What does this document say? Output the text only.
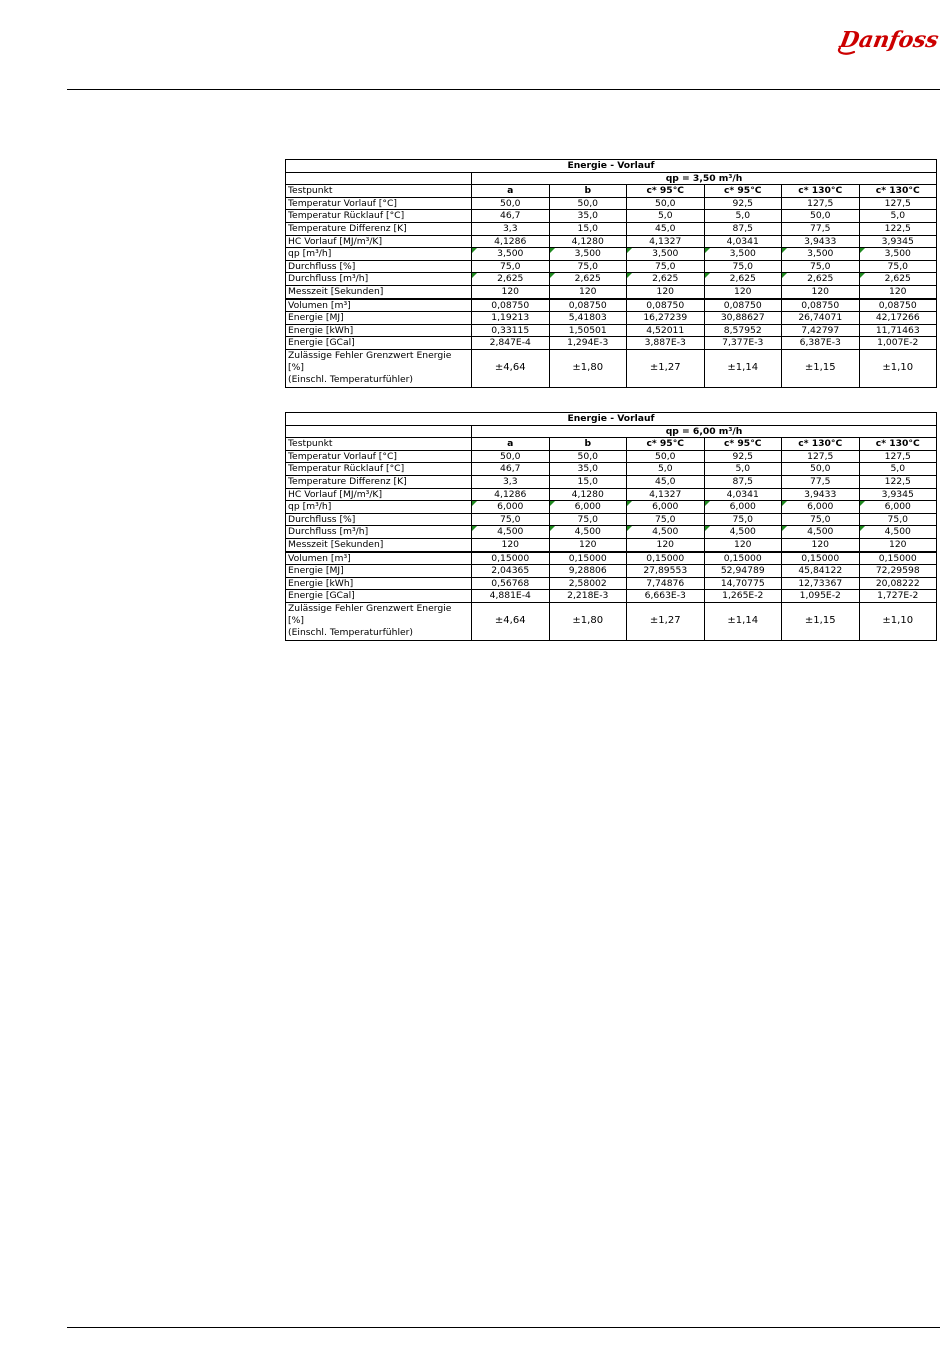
Danfoss
Energie - Vorlauf						
	qp = 3,50 m³/h					
Testpunkt	a	b	c* 95°C	c* 95°C	c* 130°C	c* 130°C
Temperatur Vorlauf [°C]	50,0	50,0	50,0	92,5	127,5	127,5
Temperatur Rücklauf [°C]	46,7	35,0	5,0	5,0	50,0	5,0
Temperature Differenz [K]	3,3	15,0	45,0	87,5	77,5	122,5
HC Vorlauf [MJ/m³/K]	4,1286	4,1280	4,1327	4,0341	3,9433	3,9345
qp [m³/h]	3,500	3,500	3,500	3,500	3,500	3,500
Durchfluss [%]	75,0	75,0	75,0	75,0	75,0	75,0
Durchfluss [m³/h]	2,625	2,625	2,625	2,625	2,625	2,625
Messzeit [Sekunden]	120	120	120	120	120	120
Volumen [m³]	0,08750	0,08750	0,08750	0,08750	0,08750	0,08750
Energie [MJ]	1,19213	5,41803	16,27239	30,88627	26,74071	42,17266
Energie [kWh]	0,33115	1,50501	4,52011	8,57952	7,42797	11,71463
Energie [GCal]	2,847E-4	1,294E-3	3,887E-3	7,377E-3	6,387E-3	1,007E-2

Zulässige Fehler Grenzwert Energie
[%]
(Einschl. Temperaturfühler)	±4,64	±1,80	±1,27	±1,14	±1,15	±1,10
Energie - Vorlauf						
	qp = 6,00 m³/h					
Testpunkt	a	b	c* 95°C	c* 95°C	c* 130°C	c* 130°C
Temperatur Vorlauf [°C]	50,0	50,0	50,0	92,5	127,5	127,5
Temperatur Rücklauf [°C]	46,7	35,0	5,0	5,0	50,0	5,0
Temperature Differenz [K]	3,3	15,0	45,0	87,5	77,5	122,5
HC Vorlauf [MJ/m³/K]	4,1286	4,1280	4,1327	4,0341	3,9433	3,9345
qp [m³/h]	6,000	6,000	6,000	6,000	6,000	6,000
Durchfluss [%]	75,0	75,0	75,0	75,0	75,0	75,0
Durchfluss [m³/h]	4,500	4,500	4,500	4,500	4,500	4,500
Messzeit [Sekunden]	120	120	120	120	120	120
Volumen [m³]	0,15000	0,15000	0,15000	0,15000	0,15000	0,15000
Energie [MJ]	2,04365	9,28806	27,89553	52,94789	45,84122	72,29598
Energie [kWh]	0,56768	2,58002	7,74876	14,70775	12,73367	20,08222
Energie [GCal]	4,881E-4	2,218E-3	6,663E-3	1,265E-2	1,095E-2	1,727E-2

Zulässige Fehler Grenzwert Energie
[%]
(Einschl. Temperaturfühler)	±4,64	±1,80	±1,27	±1,14	±1,15	±1,10
